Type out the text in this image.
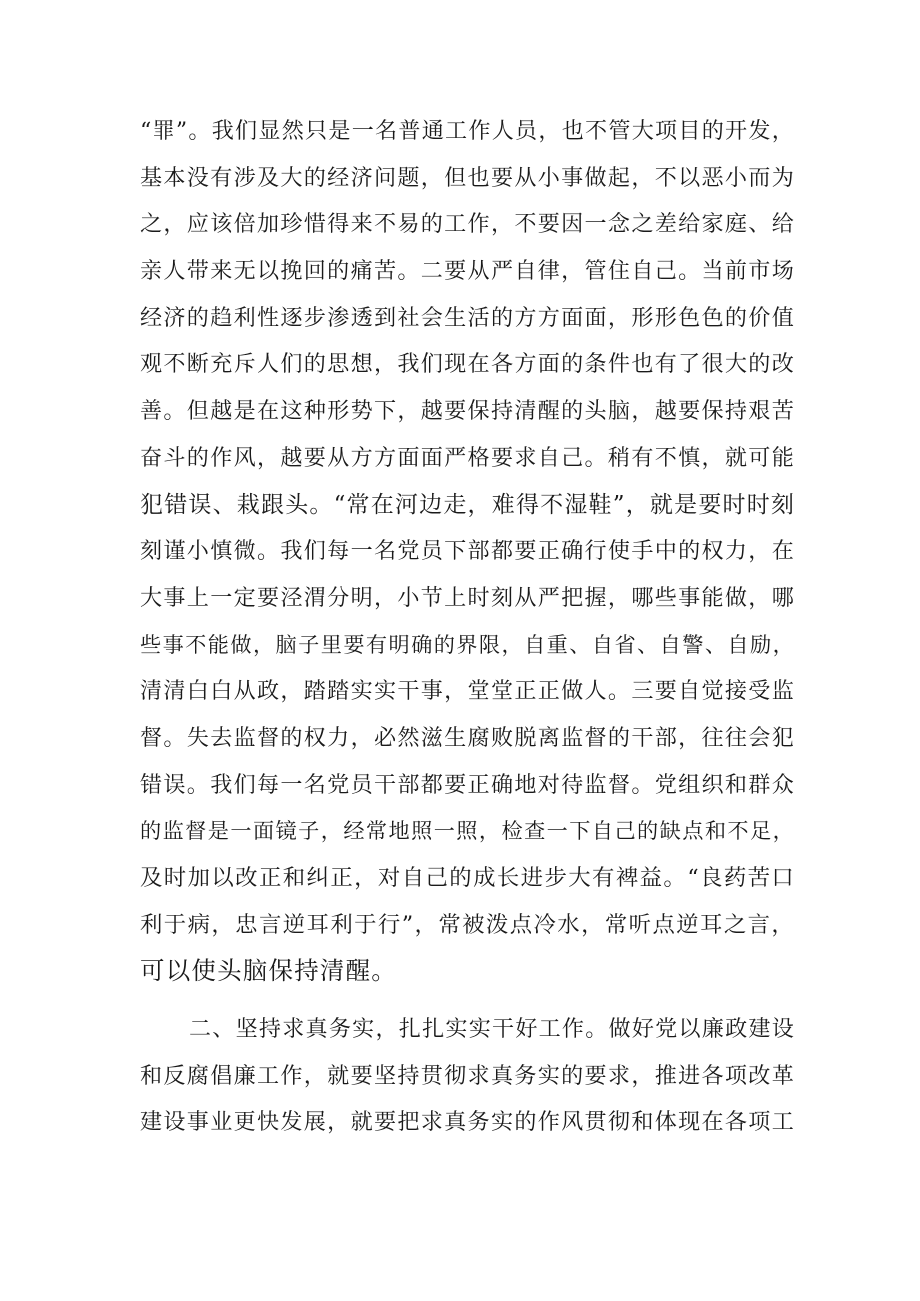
“罪”。我们显然只是一名普通工作人员，也不管大项目的开发，
基本没有涉及大的经济问题，但也要从小事做起，不以恶小而为
之，应该倍加珍惜得来不易的工作，不要因一念之差给家庭、给
亲人带来无以挽回的痛苦。二要从严自律，管住自己。当前市场
经济的趋利性逐步渗透到社会生活的方方面面，形形色色的价值
观不断充斥人们的思想，我们现在各方面的条件也有了很大的改
善。但越是在这种形势下，越要保持清醒的头脑，越要保持艰苦
奋斗的作风，越要从方方面面严格要求自己。稍有不慎，就可能
犯错误、栽跟头。“常在河边走，难得不湿鞋”，就是要时时刻
刻谨小慎微。我们每一名党员下部都要正确行使手中的权力，在
大事上一定要泾渭分明，小节上时刻从严把握，哪些事能做，哪
些事不能做，脑子里要有明确的界限，自重、自省、自警、自励，
清清白白从政，踏踏实实干事，堂堂正正做人。三要自觉接受监
督。失去监督的权力，必然滋生腐败脱离监督的干部，往往会犯
错误。我们每一名党员干部都要正确地对待监督。党组织和群众
的监督是一面镜子，经常地照一照，检查一下自己的缺点和不足，
及时加以改正和纠正，对自己的成长进步大有裨益。“良药苦口
利于病，忠言逆耳利于行”，常被泼点冷水，常听点逆耳之言，
可以使头脑保持清醒。
二、坚持求真务实，扎扎实实干好工作。做好党以廉政建设
和反腐倡廉工作，就要坚持贯彻求真务实的要求，推进各项改革
建设事业更快发展，就要把求真务实的作风贯彻和体现在各项工
